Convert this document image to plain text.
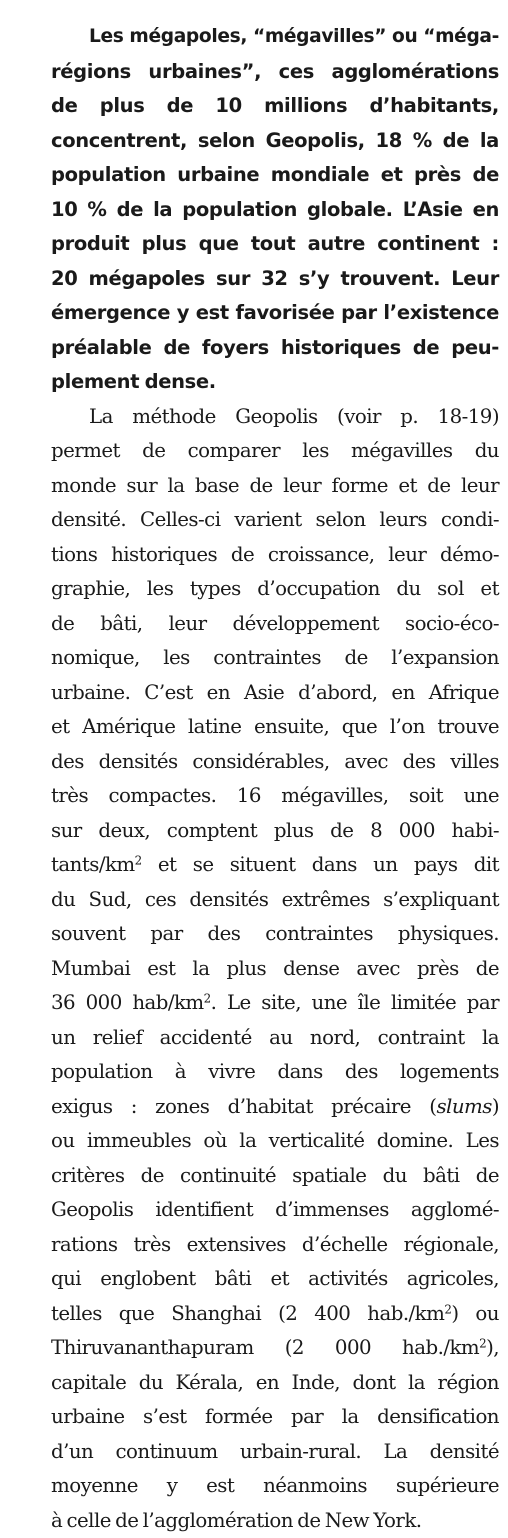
Les mégapoles, “mégavilles” ou “méga-
régions urbaines”, ces agglomérations
de plus de 10 millions d’habitants,
concentrent, selon Geopolis, 18 % de la
population urbaine mondiale et près de
10 % de la population globale. L’Asie en
produit plus que tout autre continent :
20 mégapoles sur 32 s’y trouvent. Leur
émergence y est favorisée par l’existence
préalable de foyers historiques de peu-
plement dense.
La méthode Geopolis (voir p. 18-19)
permet de comparer les mégavilles du
monde sur la base de leur forme et de leur
densité. Celles-ci varient selon leurs condi-
tions historiques de croissance, leur démo-
graphie, les types d’occupation du sol et
de bâti, leur développement socio-éco-
nomique, les contraintes de l’expansion
urbaine. C’est en Asie d’abord, en Afrique
et Amérique latine ensuite, que l’on trouve
des densités considérables, avec des villes
très compactes. 16 mégavilles, soit une
sur deux, comptent plus de 8 000 habi-
tants/$km^2$ et se situent dans un pays dit
du Sud, ces densités extrêmes s’expliquant
souvent par des contraintes physiques.
Mumbai est la plus dense avec près de
36 000 hab/$km^2$. Le site, une île limitée par
un relief accidenté au nord, contraint la
population à vivre dans des logements
exigus : zones d’habitat précaire (slums)
ou immeubles où la verticalité domine. Les
critères de continuité spatiale du bâti de
Geopolis identifient d’immenses agglomé-
rations très extensives d’échelle régionale,
qui englobent bâti et activités agricoles,
telles que Shanghai (2 400 $hab./km^2$) ou
Thiruvananthapuram (2 000 $hab./km^2$),
capitale du Kérala, en Inde, dont la région
urbaine s’est formée par la densification
d’un continuum urbain-rural. La densité
moyenne y est néanmoins supérieure
à celle de l’agglomération de New York.
